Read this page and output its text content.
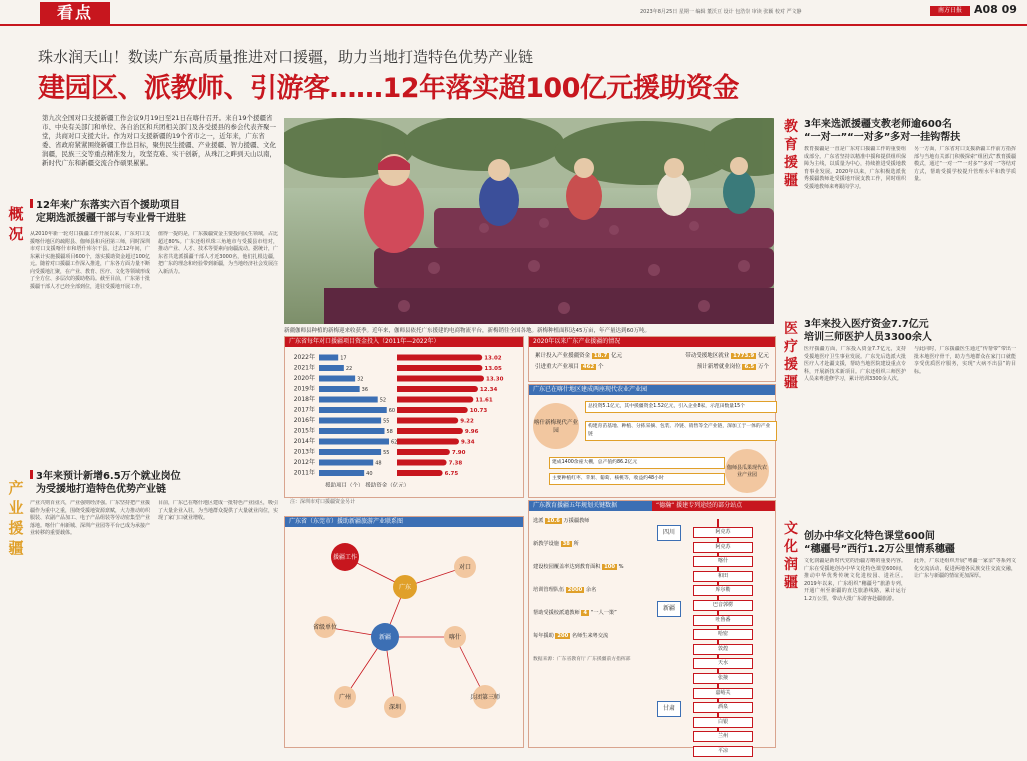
看点	2023年8月25日 星期一 编辑 董沃豆 设计 包浩崇 审读 张颖 校对 严文静	南方日报	A08 09
珠水润天山！数读广东高质量推进对口援疆，助力当地打造特色优势产业链
建园区、派教师、引游客……12年落实超100亿元援助资金
第九次全国对口支援新疆工作会议9月19日至21日在喀什召开。来自19个援疆省市、中央有关部门和单位、各自治区和兵团相关部门及各受援县的参会代表齐聚一堂，共商对口支援大计。作为对口支援新疆的19个省市之一，近年来，广东省委、省政府紧紧围绕新疆工作总目标，聚焦民生援疆、产业援疆、智力援疆、文化润疆，民族三交等重点精准发力，攻坚克难、实干创新，从珠江之畔到天山以南，新时代广东和新疆交流合作硕果累累。
概
况
产
业
援
疆
12年来广东落实六百个援助项目
定期选派援疆干部与专业骨干进驻

从2010年新一轮对口援疆工作开展以来，广东对口支援喀什地区的疏附县、伽师县和兵团第三师，同时深圳市对口支援喀什市和塔什库尔干县。过去12年间，广东累计实施援疆项目600个，落实援助资金超过100亿元。随着对口援疆工作深入推进，广东各方面力量不断向受援地汇聚，在产业、教育、医疗、文化等领域形成了全方位、多层次的援助格局。截至目前，广东第十批援疆干部人才已经全部到位，进驻受援地开展工作。

值得一提的是，广东援疆资金主要投向民生领域，占比超过80%。广东还组织珠三角地市与受援县市结对，推动产业、人才、技术等要素向南疆流动。据统计，广东省共选派援疆干部人才近3000名，他们扎根边疆，把广东的理念和经验带到新疆，为当地经济社会发展注入新活力。

3年来预计新增6.5万个就业岗位
为受援地打造特色优势产业链

产业兴则百业兴，产业强则经济强。广东坚持把产业援疆作为重中之重，围绕受援地资源禀赋，大力推动纺织服装、农副产品加工、电子产品组装等劳动密集型产业落地。喀什广州新城、深圳产业园等平台已成为承接产业转移的重要载体。

目前，广东已在喀什地区建成一批特色产业园区，吸引了大量企业入驻，为当地群众提供了大量就业岗位，实现了家门口就业增收。

新疆伽师县种植的新梅迎来收获季。近年来，伽师县依托广东援建的电商物流平台，新梅销往全国各地。新梅种植面积达45万亩，年产量达到60万吨。
广东省每年对口援疆项目资金投入（2011年—2022年）
2022年	17	13.02
2021年	22	13.05
2020年	32	13.30
2019年	36	12.34
2018年	52	11.61
2017年	60	10.73
2016年	55	9.22
2015年	58	9.96
2014年	62	9.34
2013年	55	7.90
2012年	48	7.38
2011年	40	6.75
援助项目（个） 援助资金（亿元）
注：深圳市对口援疆资金另计
2020年以来广东产业援疆的情况
累计投入产业援疆资金 18.7 亿元	带动受援地区就业 1773.9 亿元
引进重大产业项目 462 个	预计新增就业岗位 6.5 万个
广东已在喀什地区建成两座现代农业产业园
喀什新梅现代产业园
总投资5.1亿元，其中援疆资金1.52亿元，引入企业8家，示范田数量15个
构建育苗基地、种植、分拣采摘、包装、冷链、销售等全产业链，深加工于一体的产业链
建成1400余座大棚，总产值约86.2亿元
主要种植红枣、苹果、葡萄、核桃等，收益约48小时
伽师县瓜果现代农业产业园
广东省（东莞市）援助新疆旅游产业联系图
援疆工作
广东
对口
新疆
省级单位
喀什
广州
深圳
兵团第三师
广东教育援疆五年规划关键数据	“德瀚“ 援建专列途经的部分站点
选派 10.6 万援疆教师
新教学设施 38 所
建设校园覆盖率达到教育面积 100 %
培训管理队伍 2000 余名
帮助受援校派遣教师 4 “一人一策”
每年援助 200 名师生来粤交流
数据来源：广东省教育厅 广东援疆前方指挥部
四川
新疆
甘肃
阿克苏
阿克苏
喀什
和田
库尔勒
巴音郭楞
吐鲁番
哈密
敦煌
天水
张掖
嘉峪关
酒泉
白银
兰州
平凉
教
育
援
疆
医
疗
援
疆
文
化
润
疆
3年来选派援疆支教老师逾600名
“一对一”“一对多”多对一挂钩帮扶

教育援疆是一直是广东对口援疆工作的重要组成部分。广东省坚持以精准中援和提供组织保障为主线，以质量为中心，持续推进受援地教育事业发展。2020年以来，广东积极选派优秀援疆教师赴受援地开展支教工作，同时组织受援地教师来粤跟岗学习。

另一方面，广东省对口支援新疆工作前方指挥部与当地有关部门积极探索“组团式”教育援疆模式，通过“一对一”“一对多”“多对一”等结对方式，帮助受援学校提升管理水平和教学质量。

3年来投入医疗资金7.7亿元
培训三师医护人员3300余人

医疗援疆方面，广东投入资金7.7亿元，支持受援地医疗卫生事业发展。广东先后选派大批医疗人才赴疆支援，帮助当地医院建设重点专科，开展新技术新项目。广东还组织三师医护人员来粤进修学习，累计培训3300余人次。

与此同时，广东援疆医生通过“传帮带”带出一批本地医疗骨干，助力当地群众在家门口就能享受优质医疗服务，实现“大病不出县”的目标。

创办中华文化特色课堂600间
“穗疆号”西行1.2万公里情系穗疆

文化润疆是新时代党的治疆方略的重要内容。广东在受援地创办中华文化特色课堂600间，推动中华优秀传统文化进校园、进社区。2019年以来，广东组织“穗疆号”旅游专列，开通广州至新疆的直达旅游线路，累计运行1.2万公里，带动大批广东游客赴疆旅游。

此外，广东还组织开展“粤疆一家亲”等系列文化交流活动，促进两地各民族交往交流交融，让广东与新疆的情谊更加深厚。
